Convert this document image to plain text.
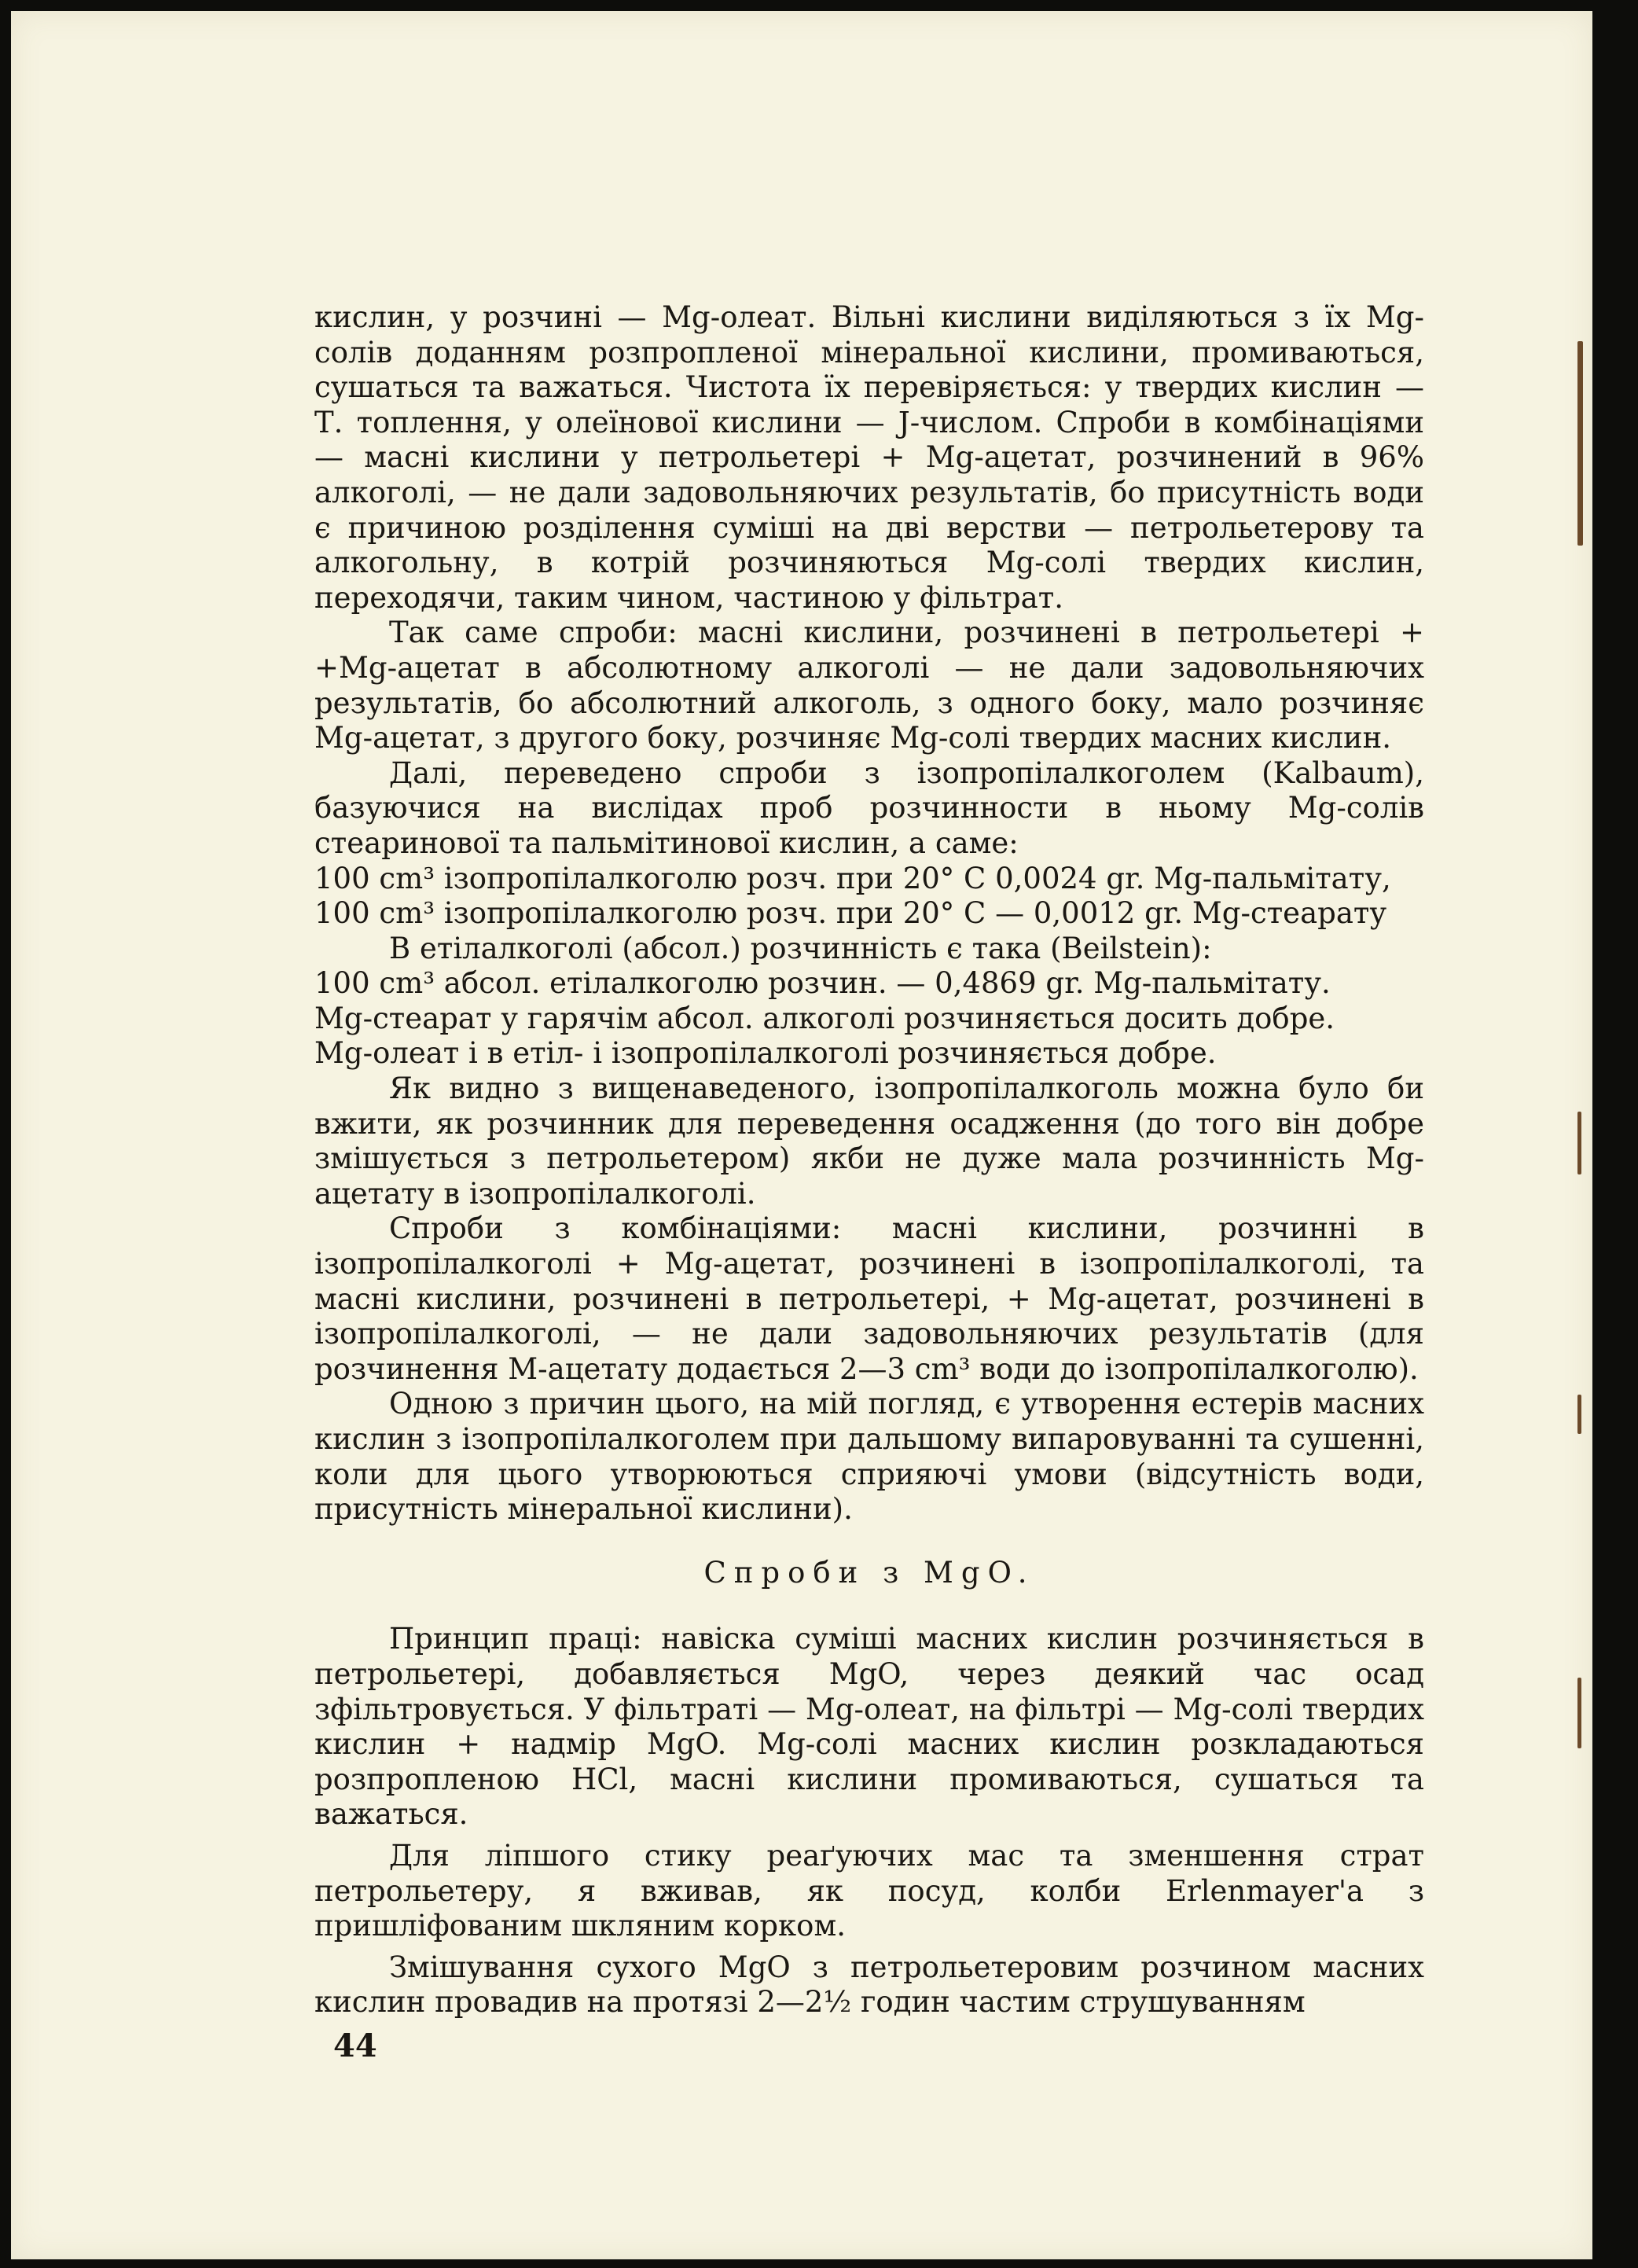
кислин, у розчині — Mg-олеат. Вільні кислини виділяються з їх Mg-солів доданням розпропленої мінеральної кислини, промиваються, сушаться та важаться. Чистота їх перевіряється: у твердих кислин — Т. топлення, у олеїнової кислини — J-числом. Спроби в комбінаціями — масні кислини у петрольетері + Mg-ацетат, розчинений в 96% алкоголі, — не дали задовольняючих результатів, бо присутність води є причиною розділення суміші на дві верстви — петрольетерову та алкогольну, в котрій розчиняються Mg-солі твердих кислин, переходячи, таким чином, частиною у фільтрат.

Так саме спроби: масні кислини, розчинені в петрольетері + +Mg-ацетат в абсолютному алкоголі — не дали задовольняючих результатів, бо абсолютний алкоголь, з одного боку, мало розчиняє Mg-ацетат, з другого боку, розчиняє Mg-солі твердих масних кислин.

Далі, переведено спроби з ізопропілалкоголем (Kalbaum), базуючися на вислідах проб розчинности в ньому Mg-солів стеаринової та пальмітинової кислин, а саме:

100 cm³ ізопропілалкоголю розч. при 20° C 0,0024 gr. Mg-пальмітату,

100 cm³ ізопропілалкоголю розч. при 20° C — 0,0012 gr. Mg-стеарату

В етілалкоголі (абсол.) розчинність є така (Beilstein):

100 cm³ абсол. етілалкоголю розчин. — 0,4869 gr. Mg-пальмітату.

Mg-стеарат у гарячім абсол. алкоголі розчиняється досить добре.

Mg-олеат і в етіл- і ізопропілалкоголі розчиняється добре.

Як видно з вищенаведеного, ізопропілалкоголь можна було би вжити, як розчинник для переведення осадження (до того він добре змішується з петрольетером) якби не дуже мала розчинність Mg-ацетату в ізопропілалкоголі.

Спроби з комбінаціями: масні кислини, розчинні в ізопропілалкоголі + Mg-ацетат, розчинені в ізопропілалкоголі, та масні кислини, розчинені в петрольетері, + Mg-ацетат, розчинені в ізопропілалкоголі, — не дали задовольняючих результатів (для розчинення М-ацетату додається 2—3 cm³ води до ізопропілалкоголю).

Одною з причин цього, на мій погляд, є утворення естерів масних кислин з ізопропілалкоголем при дальшому випаровуванні та сушенні, коли для цього утворюються сприяючі умови (відсутність води, присутність мінеральної кислини).

Спроби з MgO.

Принцип праці: навіска суміші масних кислин розчиняється в петрольетері, добавляється MgO, через деякий час осад зфільтровується. У фільтраті — Mg-олеат, на фільтрі — Mg-солі твердих кислин + надмір MgO. Mg-солі масних кислин розкладаються розпропленою HCl, масні кислини промиваються, сушаться та важаться.

Для ліпшого стику реаґуючих мас та зменшення страт петрольетеру, я вживав, як посуд, колби Erlenmayer'а з пришліфованим шкляним корком.

Змішування сухого MgO з петрольетеровим розчином масних кислин провадив на протязі 2—2½ годин частим струшуванням

44
